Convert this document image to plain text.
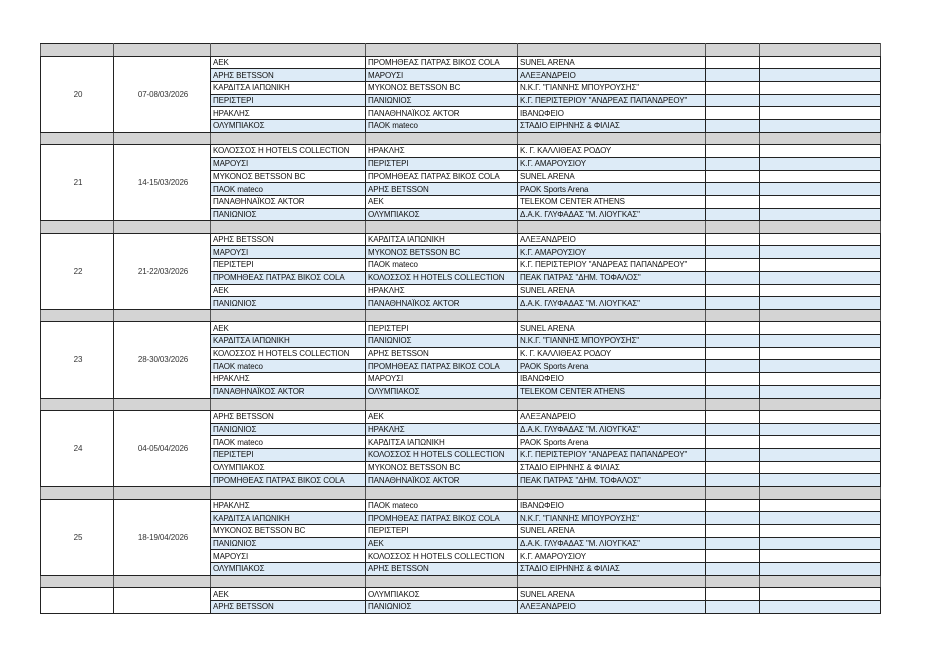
20	07-08/03/2026	ΑΕΚ	ΠΡΟΜΗΘΕΑΣ ΠΑΤΡΑΣ ΒΙΚΟΣ COLA	SUNEL ARENA		
		ΑΡΗΣ BETSSON	ΜΑΡΟΥΣΙ	ΑΛΕΞΑΝΔΡΕΙΟ		
		ΚΑΡΔΙΤΣΑ ΙΑΠΩΝΙΚΗ	ΜΥΚΟΝΟΣ BETSSON BC	Ν.Κ.Γ. "ΓΙΑΝΝΗΣ ΜΠΟΥΡΟΥΣΗΣ"		
		ΠΕΡΙΣΤΕΡΙ	ΠΑΝΙΩΝΙΟΣ	Κ.Γ. ΠΕΡΙΣΤΕΡΙΟΥ "ΑΝΔΡΕΑΣ ΠΑΠΑΝΔΡΕΟΥ"		
		ΗΡΑΚΛΗΣ	ΠΑΝΑΘΗΝΑΪΚΟΣ AKTOR	ΙΒΑΝΩΦΕΙΟ		
		ΟΛΥΜΠΙΑΚΟΣ	ΠΑΟΚ mateco	ΣΤΑΔΙΟ ΕΙΡΗΝΗΣ & ΦΙΛΙΑΣ		

21	14-15/03/2026	ΚΟΛΟΣΣΟΣ Η HOTELS COLLECTION	ΗΡΑΚΛΗΣ	Κ. Γ. ΚΑΛΛΙΘΕΑΣ ΡΟΔΟΥ		
		ΜΑΡΟΥΣΙ	ΠΕΡΙΣΤΕΡΙ	Κ.Γ. ΑΜΑΡΟΥΣΙΟΥ		
		ΜΥΚΟΝΟΣ BETSSON BC	ΠΡΟΜΗΘΕΑΣ ΠΑΤΡΑΣ ΒΙΚΟΣ COLA	SUNEL ARENA		
		ΠΑΟΚ mateco	ΑΡΗΣ BETSSON	PAOK Sports Arena		
		ΠΑΝΑΘΗΝΑΪΚΟΣ AKTOR	ΑΕΚ	TELEKOM CENTER ATHENS		
		ΠΑΝΙΩΝΙΟΣ	ΟΛΥΜΠΙΑΚΟΣ	Δ.Α.Κ. ΓΛΥΦΑΔΑΣ "Μ. ΛΙΟΥΓΚΑΣ"		

22	21-22/03/2026	ΑΡΗΣ BETSSON	ΚΑΡΔΙΤΣΑ ΙΑΠΩΝΙΚΗ	ΑΛΕΞΑΝΔΡΕΙΟ		
		ΜΑΡΟΥΣΙ	ΜΥΚΟΝΟΣ BETSSON BC	Κ.Γ. ΑΜΑΡΟΥΣΙΟΥ		
		ΠΕΡΙΣΤΕΡΙ	ΠΑΟΚ mateco	Κ.Γ. ΠΕΡΙΣΤΕΡΙΟΥ "ΑΝΔΡΕΑΣ ΠΑΠΑΝΔΡΕΟΥ"		
		ΠΡΟΜΗΘΕΑΣ ΠΑΤΡΑΣ ΒΙΚΟΣ COLA	ΚΟΛΟΣΣΟΣ Η HOTELS COLLECTION	ΠΕΑΚ ΠΑΤΡΑΣ "ΔΗΜ. ΤΟΦΑΛΟΣ"		
		ΑΕΚ	ΗΡΑΚΛΗΣ	SUNEL ARENA		
		ΠΑΝΙΩΝΙΟΣ	ΠΑΝΑΘΗΝΑΪΚΟΣ AKTOR	Δ.Α.Κ. ΓΛΥΦΑΔΑΣ "Μ. ΛΙΟΥΓΚΑΣ"		

23	28-30/03/2026	ΑΕΚ	ΠΕΡΙΣΤΕΡΙ	SUNEL ARENA		
		ΚΑΡΔΙΤΣΑ ΙΑΠΩΝΙΚΗ	ΠΑΝΙΩΝΙΟΣ	Ν.Κ.Γ. "ΓΙΑΝΝΗΣ ΜΠΟΥΡΟΥΣΗΣ"		
		ΚΟΛΟΣΣΟΣ Η HOTELS COLLECTION	ΑΡΗΣ BETSSON	Κ. Γ. ΚΑΛΛΙΘΕΑΣ ΡΟΔΟΥ		
		ΠΑΟΚ mateco	ΠΡΟΜΗΘΕΑΣ ΠΑΤΡΑΣ ΒΙΚΟΣ COLA	PAOK Sports Arena		
		ΗΡΑΚΛΗΣ	ΜΑΡΟΥΣΙ	ΙΒΑΝΩΦΕΙΟ		
		ΠΑΝΑΘΗΝΑΪΚΟΣ AKTOR	ΟΛΥΜΠΙΑΚΟΣ	TELEKOM CENTER ATHENS		

24	04-05/04/2026	ΑΡΗΣ BETSSON	ΑΕΚ	ΑΛΕΞΑΝΔΡΕΙΟ		
		ΠΑΝΙΩΝΙΟΣ	ΗΡΑΚΛΗΣ	Δ.Α.Κ. ΓΛΥΦΑΔΑΣ "Μ. ΛΙΟΥΓΚΑΣ"		
		ΠΑΟΚ mateco	ΚΑΡΔΙΤΣΑ ΙΑΠΩΝΙΚΗ	PAOK Sports Arena		
		ΠΕΡΙΣΤΕΡΙ	ΚΟΛΟΣΣΟΣ Η HOTELS COLLECTION	Κ.Γ. ΠΕΡΙΣΤΕΡΙΟΥ "ΑΝΔΡΕΑΣ ΠΑΠΑΝΔΡΕΟΥ"		
		ΟΛΥΜΠΙΑΚΟΣ	ΜΥΚΟΝΟΣ BETSSON BC	ΣΤΑΔΙΟ ΕΙΡΗΝΗΣ & ΦΙΛΙΑΣ		
		ΠΡΟΜΗΘΕΑΣ ΠΑΤΡΑΣ ΒΙΚΟΣ COLA	ΠΑΝΑΘΗΝΑΪΚΟΣ AKTOR	ΠΕΑΚ ΠΑΤΡΑΣ "ΔΗΜ. ΤΟΦΑΛΟΣ"		

25	18-19/04/2026	ΗΡΑΚΛΗΣ	ΠΑΟΚ mateco	ΙΒΑΝΩΦΕΙΟ		
		ΚΑΡΔΙΤΣΑ ΙΑΠΩΝΙΚΗ	ΠΡΟΜΗΘΕΑΣ ΠΑΤΡΑΣ ΒΙΚΟΣ COLA	Ν.Κ.Γ. "ΓΙΑΝΝΗΣ ΜΠΟΥΡΟΥΣΗΣ"		
		ΜΥΚΟΝΟΣ BETSSON BC	ΠΕΡΙΣΤΕΡΙ	SUNEL ARENA		
		ΠΑΝΙΩΝΙΟΣ	ΑΕΚ	Δ.Α.Κ. ΓΛΥΦΑΔΑΣ "Μ. ΛΙΟΥΓΚΑΣ"		
		ΜΑΡΟΥΣΙ	ΚΟΛΟΣΣΟΣ Η HOTELS COLLECTION	Κ.Γ. ΑΜΑΡΟΥΣΙΟΥ		
		ΟΛΥΜΠΙΑΚΟΣ	ΑΡΗΣ BETSSON	ΣΤΑΔΙΟ ΕΙΡΗΝΗΣ & ΦΙΛΙΑΣ		

		ΑΕΚ	ΟΛΥΜΠΙΑΚΟΣ	SUNEL ARENA		
		ΑΡΗΣ BETSSON	ΠΑΝΙΩΝΙΟΣ	ΑΛΕΞΑΝΔΡΕΙΟ		
